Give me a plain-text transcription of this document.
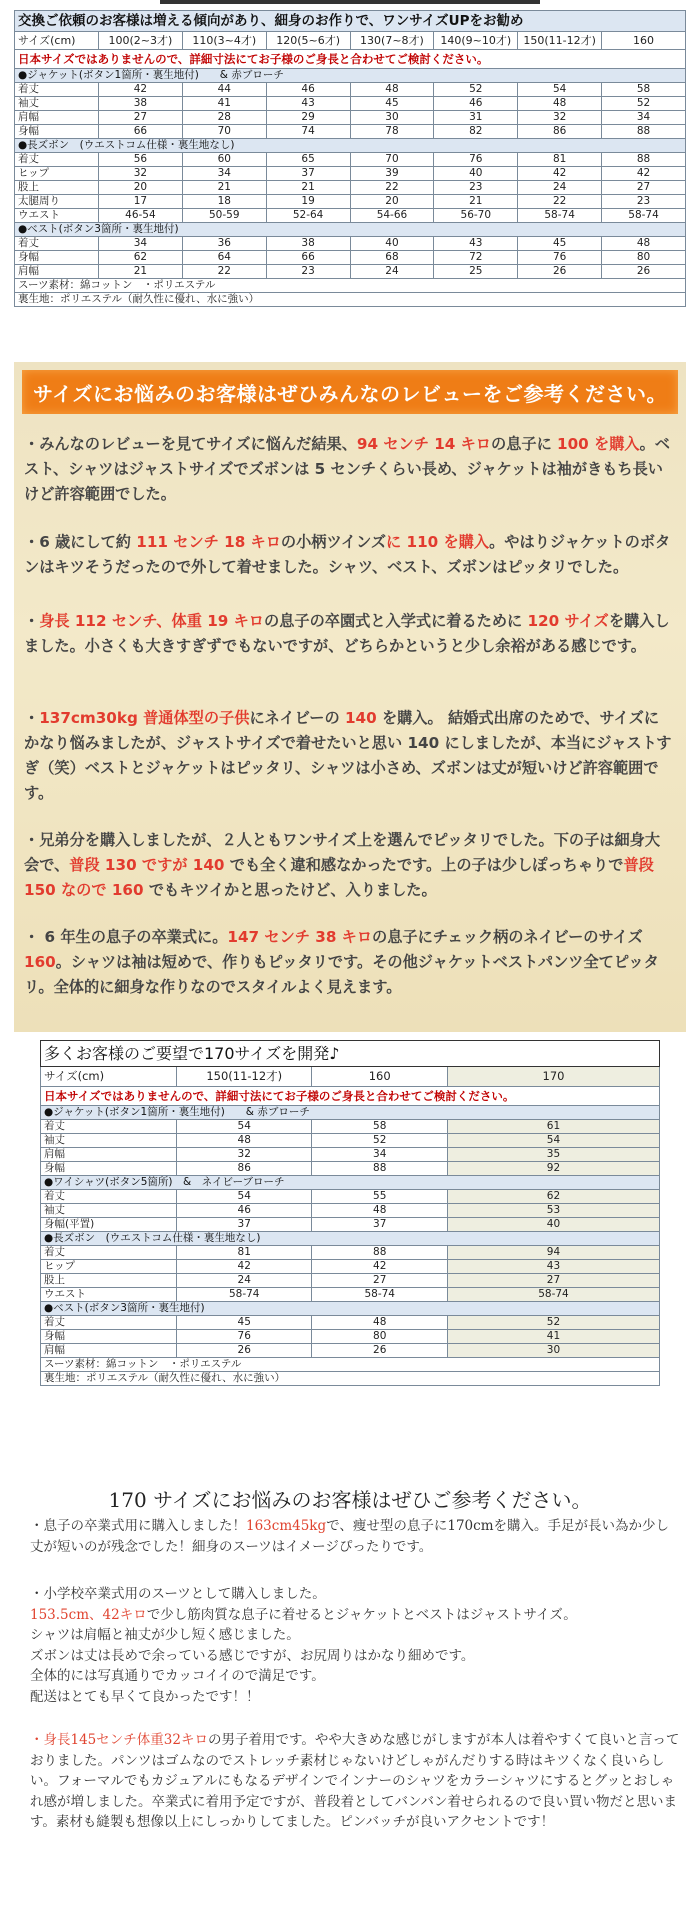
交換ご依頼のお客様は増える傾向があり、細身のお作りで、ワンサイズUPをお勧め							
サイズ(cm)	100(2~3才)	110(3~4才)	120(5~6才)	130(7~8才)	140(9~10才)	150(11-12才)	160
日本サイズではありませんので、詳細寸法にてお子様のご身長と合わせてご検討ください。							
●ジャケット(ボタン1箇所・裏生地付)　　& 赤ブローチ							
着丈	42	44	46	48	52	54	58
袖丈	38	41	43	45	46	48	52
肩幅	27	28	29	30	31	32	34
身幅	66	70	74	78	82	86	88
●長ズボン　(ウエストコム仕様・裏生地なし)							
着丈	56	60	65	70	76	81	88
ヒップ	32	34	37	39	40	42	42
股上	20	21	21	22	23	24	27
太腿周り	17	18	19	20	21	22	23
ウエスト	46-54	50-59	52-64	54-66	56-70	58-74	58-74
●ベスト(ボタン3箇所・裏生地付)							
着丈	34	36	38	40	43	45	48
身幅	62	64	66	68	72	76	80
肩幅	21	22	23	24	25	26	26
スーツ素材：綿コットン　・ポリエステル							
裏生地：ポリエステル（耐久性に優れ、水に強い）							
サイズにお悩みのお客様はぜひみんなのレビューをご参考ください。
・みんなのレビューを見てサイズに悩んだ結果、94 センチ 14 キロの息子に 100 を購入。ベスト、シャツはジャストサイズでズボンは 5 センチくらい長め、ジャケットは袖がきもち長いけど許容範囲でした。
・6 歳にして約 111 センチ 18 キロの小柄ツインズに 110 を購入。やはりジャケットのボタンはキツそうだったので外して着せました。シャツ、ベスト、ズボンはピッタリでした。
・身長 112 センチ、体重 19 キロの息子の卒園式と入学式に着るために 120 サイズを購入しました。小さくも大きすぎずでもないですが、どちらかというと少し余裕がある感じです。
・137cm30kg 普通体型の子供にネイビーの 140 を購入。 結婚式出席のためで、サイズにかなり悩みましたが、ジャストサイズで着せたいと思い 140 にしましたが、本当にジャストすぎ（笑）ベストとジャケットはピッタリ、シャツは小さめ、ズボンは丈が短いけど許容範囲です。
・兄弟分を購入しましたが、２人ともワンサイズ上を選んでピッタリでした。下の子は細身大会で、普段 130 ですが 140 でも全く違和感なかったです。上の子は少しぽっちゃりで普段 150 なので 160 でもキツイかと思ったけど、入りました。
・ 6 年生の息子の卒業式に。147 センチ 38 キロの息子にチェック柄のネイビーのサイズ 160。シャツは袖は短めで、作りもピッタリです。その他ジャケットベストパンツ全てピッタリ。全体的に細身な作りなのでスタイルよく見えます。
多くお客様のご要望で170サイズを開発♪			
サイズ(cm)	150(11-12才)	160	170
日本サイズではありませんので、詳細寸法にてお子様のご身長と合わせてご検討ください。			
●ジャケット(ボタン1箇所・裏生地付)　　& 赤ブローチ			
着丈	54	58	61
袖丈	48	52	54
肩幅	32	34	35
身幅	86	88	92
●ワイシャツ(ボタン5箇所)　&　ネイビーブローチ			
着丈	54	55	62
袖丈	46	48	53
身幅(平置)	37	37	40
●長ズボン　(ウエストコム仕様・裏生地なし)			
着丈	81	88	94
ヒップ	42	42	43
股上	24	27	27
ウエスト	58-74	58-74	58-74
●ベスト(ボタン3箇所・裏生地付)			
着丈	45	48	52
身幅	76	80	41
肩幅	26	26	30
スーツ素材：綿コットン　・ポリエステル			
裏生地：ポリエステル（耐久性に優れ、水に強い）			
170 サイズにお悩みのお客様はぜひご参考ください。
・息子の卒業式用に購入しました！163cm45kgで、痩せ型の息子に170cmを購入。手足が長い為か少し丈が短いのが残念でした！細身のスーツはイメージぴったりです。
・小学校卒業式用のスーツとして購入しました。
153.5cm、42キロで少し筋肉質な息子に着せるとジャケットとベストはジャストサイズ。
シャツは肩幅と袖丈が少し短く感じました。
ズボンは丈は長めで余っている感じですが、お尻周りはかなり細めです。
全体的には写真通りでカッコイイので満足です。
配送はとても早くて良かったです！！
・身長145センチ体重32キロの男子着用です。やや大きめな感じがしますが本人は着やすくて良いと言っておりました。パンツはゴムなのでストレッチ素材じゃないけどしゃがんだりする時はキツくなく良いらしい。フォーマルでもカジュアルにもなるデザインでインナーのシャツをカラーシャツにするとグッとおしゃれ感が増しました。卒業式に着用予定ですが、普段着としてバンバン着せられるので良い買い物だと思います。素材も縫製も想像以上にしっかりしてました。ピンバッチが良いアクセントです！
